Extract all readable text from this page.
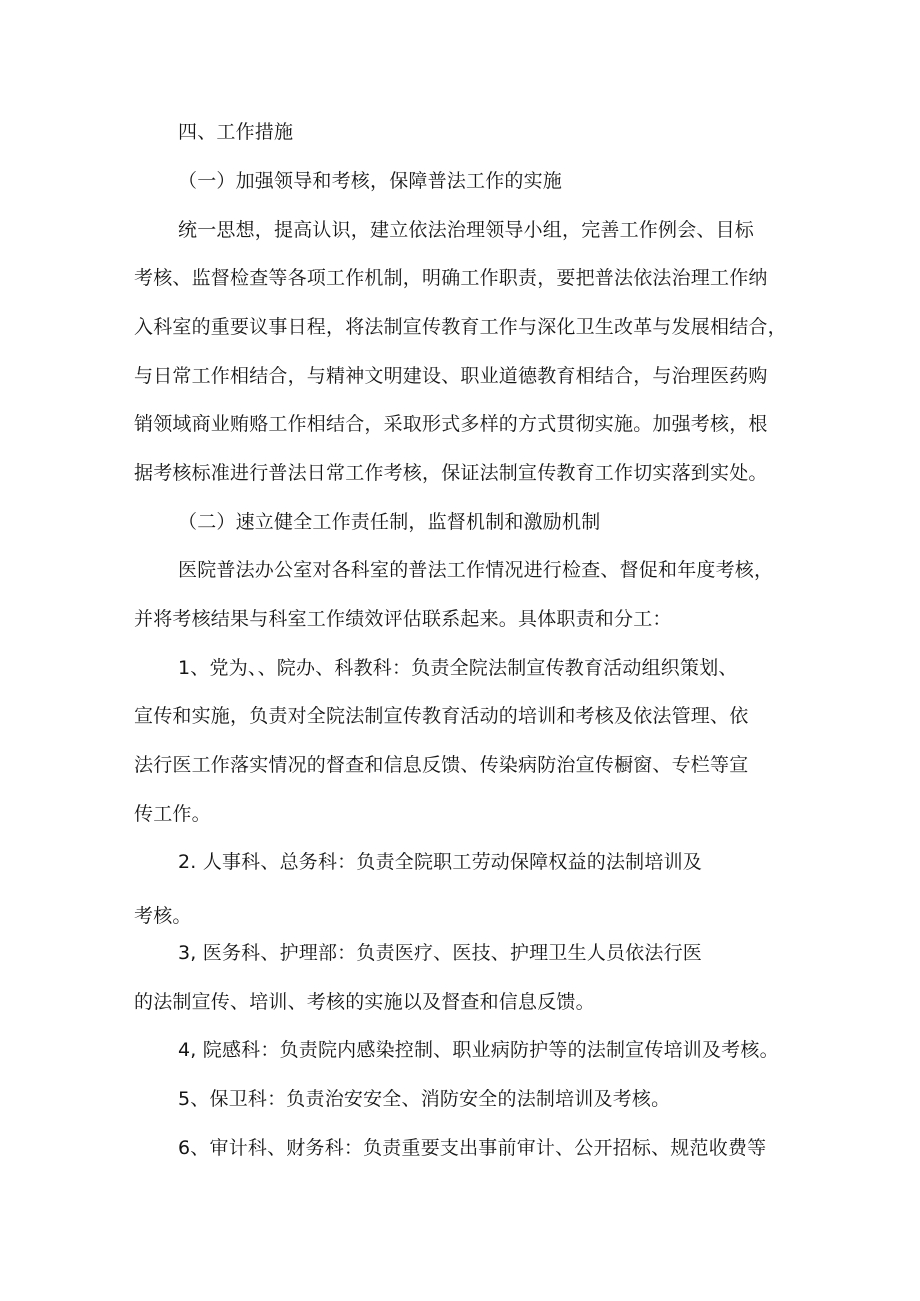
四、工作措施

（一）加强领导和考核，保障普法工作的实施

统一思想，提高认识，建立依法治理领导小组，完善工作例会、目标

考核、监督检查等各项工作机制，明确工作职责，要把普法依法治理工作纳

入科室的重要议事日程，将法制宣传教育工作与深化卫生改革与发展相结合，

与日常工作相结合，与精神文明建设、职业道德教育相结合，与治理医药购

销领域商业贿赂工作相结合，采取形式多样的方式贯彻实施。加强考核，根

据考核标准进行普法日常工作考核，保证法制宣传教育工作切实落到实处。

（二）速立健全工作责任制，监督机制和激励机制

医院普法办公室对各科室的普法工作情况进行检查、督促和年度考核，

并将考核结果与科室工作绩效评估联系起来。具体职责和分工：

1、党为、、院办、科教科：负责全院法制宣传教育活动组织策划、

宣传和实施，负责对全院法制宣传教育活动的培训和考核及依法管理、依

法行医工作落实情况的督查和信息反馈、传染病防治宣传橱窗、专栏等宣

传工作。

2. 人事科、总务科：负责全院职工劳动保障权益的法制培训及

考核。

3, 医务科、护理部：负责医疗、医技、护理卫生人员依法行医

的法制宣传、培训、考核的实施以及督查和信息反馈。

4, 院感科：负责院内感染控制、职业病防护等的法制宣传培训及考核。

5、保卫科：负责治安安全、消防安全的法制培训及考核。

6、审计科、财务科：负责重要支出事前审计、公开招标、规范收费等
